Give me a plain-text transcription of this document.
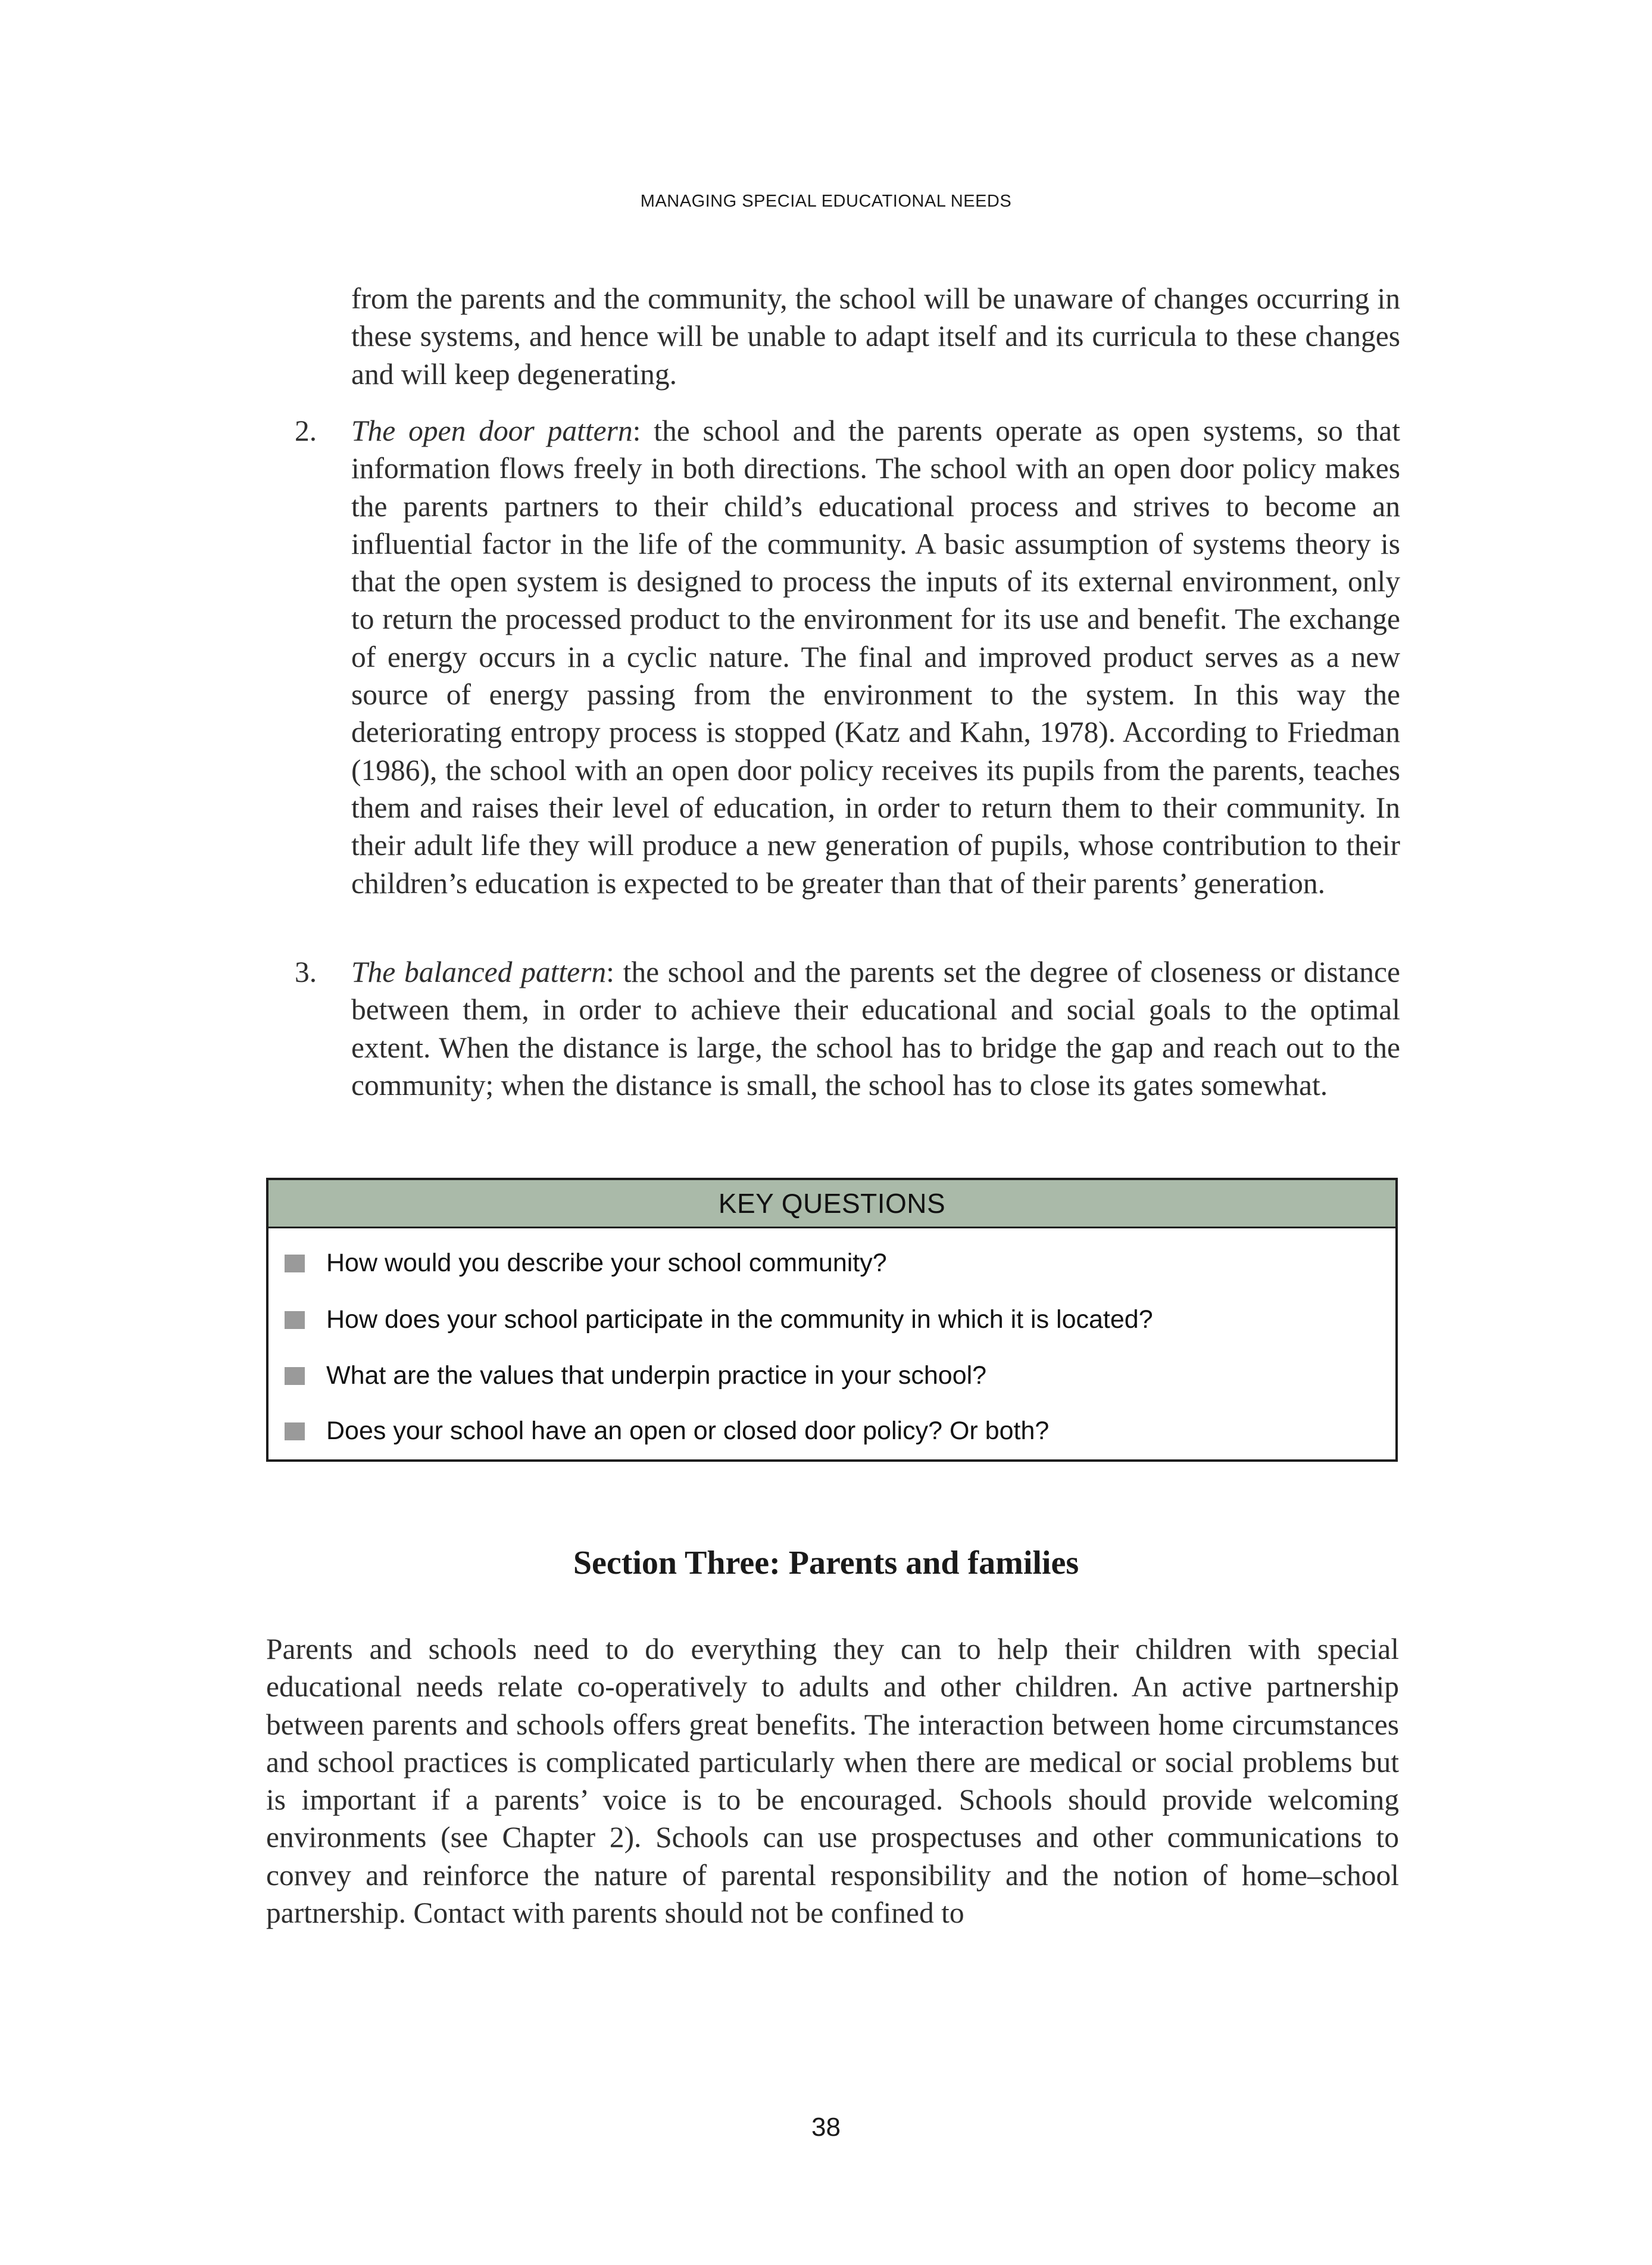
MANAGING SPECIAL EDUCATIONAL NEEDS

from the parents and the community, the school will be unaware of changes occurring in these systems, and hence will be unable to adapt itself and its curricula to these changes and will keep degenerating.

2.	The open door pattern: the school and the parents operate as open systems, so that information flows freely in both directions. The school with an open door policy makes the parents partners to their child’s educational process and strives to become an influential factor in the life of the community. A basic assumption of systems theory is that the open system is designed to process the inputs of its external environment, only to return the processed product to the environment for its use and benefit. The exchange of energy occurs in a cyclic nature. The final and improved product serves as a new source of energy passing from the environment to the system. In this way the deteriorating entropy process is stopped (Katz and Kahn, 1978). According to Friedman (1986), the school with an open door policy receives its pupils from the parents, teaches them and raises their level of education, in order to return them to their community. In their adult life they will produce a new generation of pupils, whose contribution to their children’s education is expected to be greater than that of their parents’ generation.
3.	The balanced pattern: the school and the parents set the degree of closeness or distance between them, in order to achieve their educational and social goals to the optimal extent. When the distance is large, the school has to bridge the gap and reach out to the community; when the distance is small, the school has to close its gates somewhat.
KEY QUESTIONS
How would you describe your school community?
How does your school participate in the community in which it is located?
What are the values that underpin practice in your school?
Does your school have an open or closed door policy? Or both?
Section Three: Parents and families

Parents and schools need to do everything they can to help their children with special educational needs relate co-operatively to adults and other children. An active partnership between parents and schools offers great benefits. The interaction between home circumstances and school practices is complicated particularly when there are medical or social problems but is important if a parents’ voice is to be encouraged. Schools should provide welcoming environments (see Chapter 2). Schools can use prospectuses and other communications to convey and reinforce the nature of parental responsibility and the notion of home–school partnership. Contact with parents should not be confined to

38
